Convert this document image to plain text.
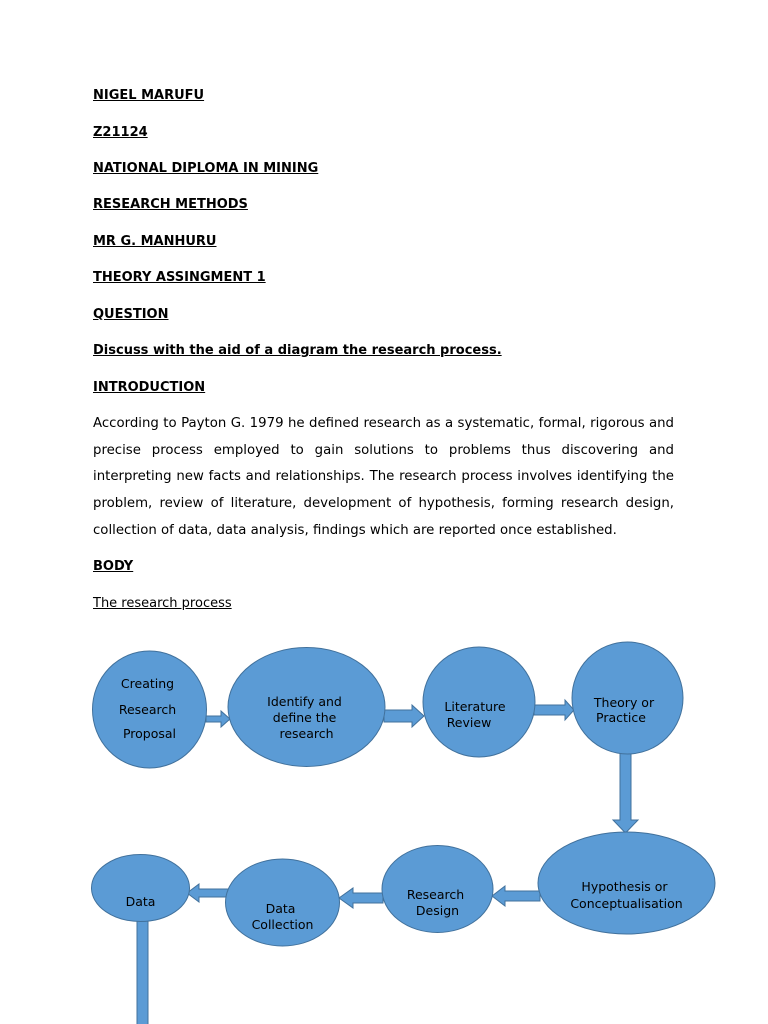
NIGEL MARUFU
Z21124
NATIONAL DIPLOMA IN MINING
RESEARCH METHODS
MR G. MANHURU
THEORY ASSINGMENT 1
QUESTION
Discuss with the aid of a diagram the research process.
INTRODUCTION
According to Payton G. 1979 he defined research as a systematic, formal, rigorous and precise process employed to gain solutions to problems thus discovering and interpreting new facts and relationships. The research process involves identifying the problem, review of literature, development of hypothesis, forming research design, collection of data, data analysis, findings which are reported once established.
BODY
The research process
Creating Research Proposal
Identify and define the research
Literature Review
Theory or Practice
Hypothesis or Conceptualisation
Research Design
Data Collection
Data
